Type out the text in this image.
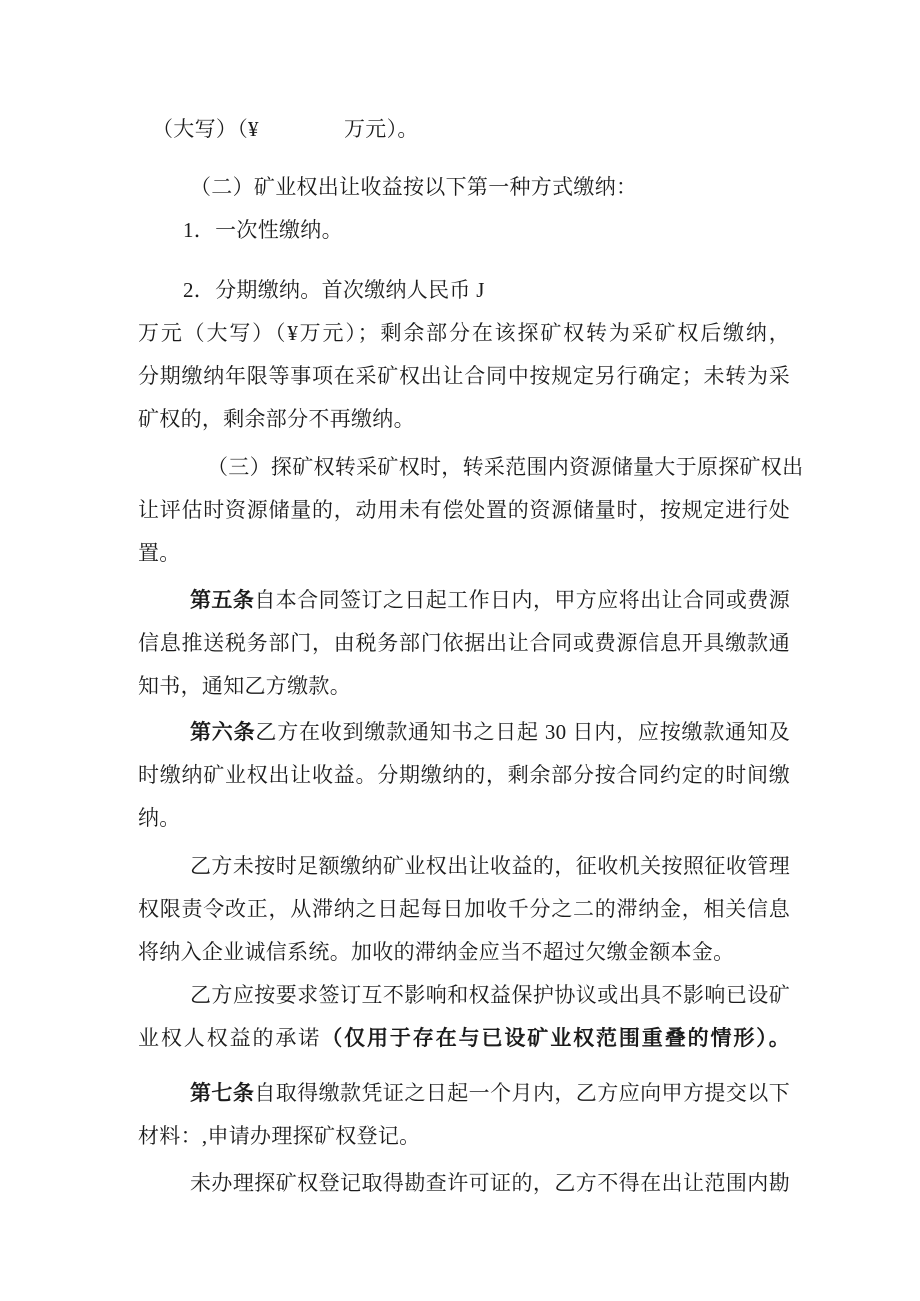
（大写）（¥　　　　万元）。
（二）矿业权出让收益按以下第一种方式缴纳：
1．一次性缴纳。
2．分期缴纳。首次缴纳人民币 J
万元（大写）（¥万元）；剩余部分在该探矿权转为采矿权后缴纳，
分期缴纳年限等事项在采矿权出让合同中按规定另行确定；未转为采
矿权的，剩余部分不再缴纳。
（三）探矿权转采矿权时，转采范围内资源储量大于原探矿权出
让评估时资源储量的，动用未有偿处置的资源储量时，按规定进行处
置。
第五条自本合同签订之日起工作日内，甲方应将出让合同或费源
信息推送税务部门，由税务部门依据出让合同或费源信息开具缴款通
知书，通知乙方缴款。
第六条乙方在收到缴款通知书之日起 30 日内，应按缴款通知及
时缴纳矿业权出让收益。分期缴纳的，剩余部分按合同约定的时间缴
纳。
乙方未按时足额缴纳矿业权出让收益的，征收机关按照征收管理
权限责令改正，从滞纳之日起每日加收千分之二的滞纳金，相关信息
将纳入企业诚信系统。加收的滞纳金应当不超过欠缴金额本金。
乙方应按要求签订互不影响和权益保护协议或出具不影响已设矿
业权人权益的承诺（仅用于存在与已设矿业权范围重叠的情形）。
第七条自取得缴款凭证之日起一个月内，乙方应向甲方提交以下
材料：,申请办理探矿权登记。
未办理探矿权登记取得勘查许可证的，乙方不得在出让范围内勘
